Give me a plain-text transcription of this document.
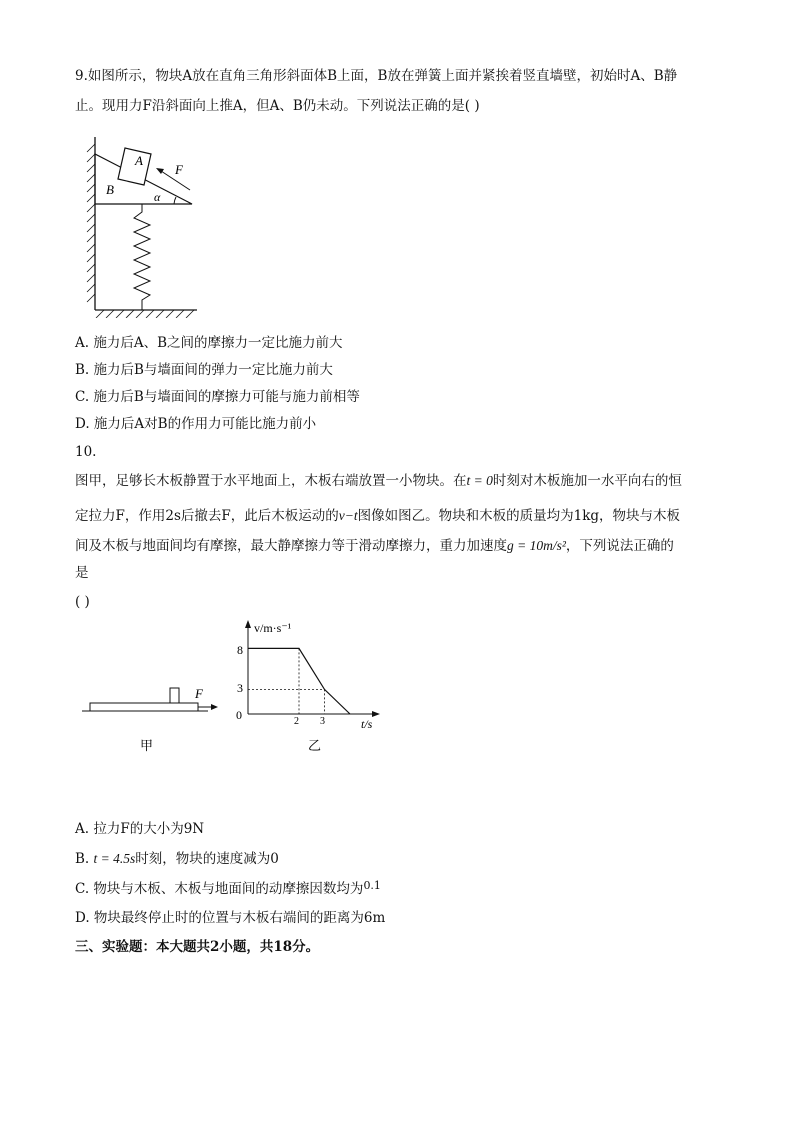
9.如图所示，物块A放在直角三角形斜面体B上面，B放在弹簧上面并紧挨着竖直墙壁，初始时A、B静
止。现用力F沿斜面向上推A，但A、B仍未动。下列说法正确的是( )
A
B
F
α
A. 施力后A、B之间的摩擦力一定比施力前大
B. 施力后B与墙面间的弹力一定比施力前大
C. 施力后B与墙面间的摩擦力可能与施力前相等
D. 施力后A对B的作用力可能比施力前小
10.
图甲，足够长木板静置于水平地面上，木板右端放置一小物块。在t = 0时刻对木板施加一水平向右的恒
定拉力F，作用2s后撤去F，此后木板运动的v−t图像如图乙。物块和木板的质量均为1kg，物块与木板
间及木板与地面间均有摩擦，最大静摩擦力等于滑动摩擦力，重力加速度g = 10m/s²，下列说法正确的
是
( )
F
甲
v/m·s⁻¹
t/s
0
8
3
2 3
乙
A. 拉力F的大小为9N
B. t = 4.5s时刻，物块的速度减为0
C. 物块与木板、木板与地面间的动摩擦因数均为$^{0.1}$
D. 物块最终停止时的位置与木板右端间的距离为6m
三、实验题：本大题共2小题，共18分。
